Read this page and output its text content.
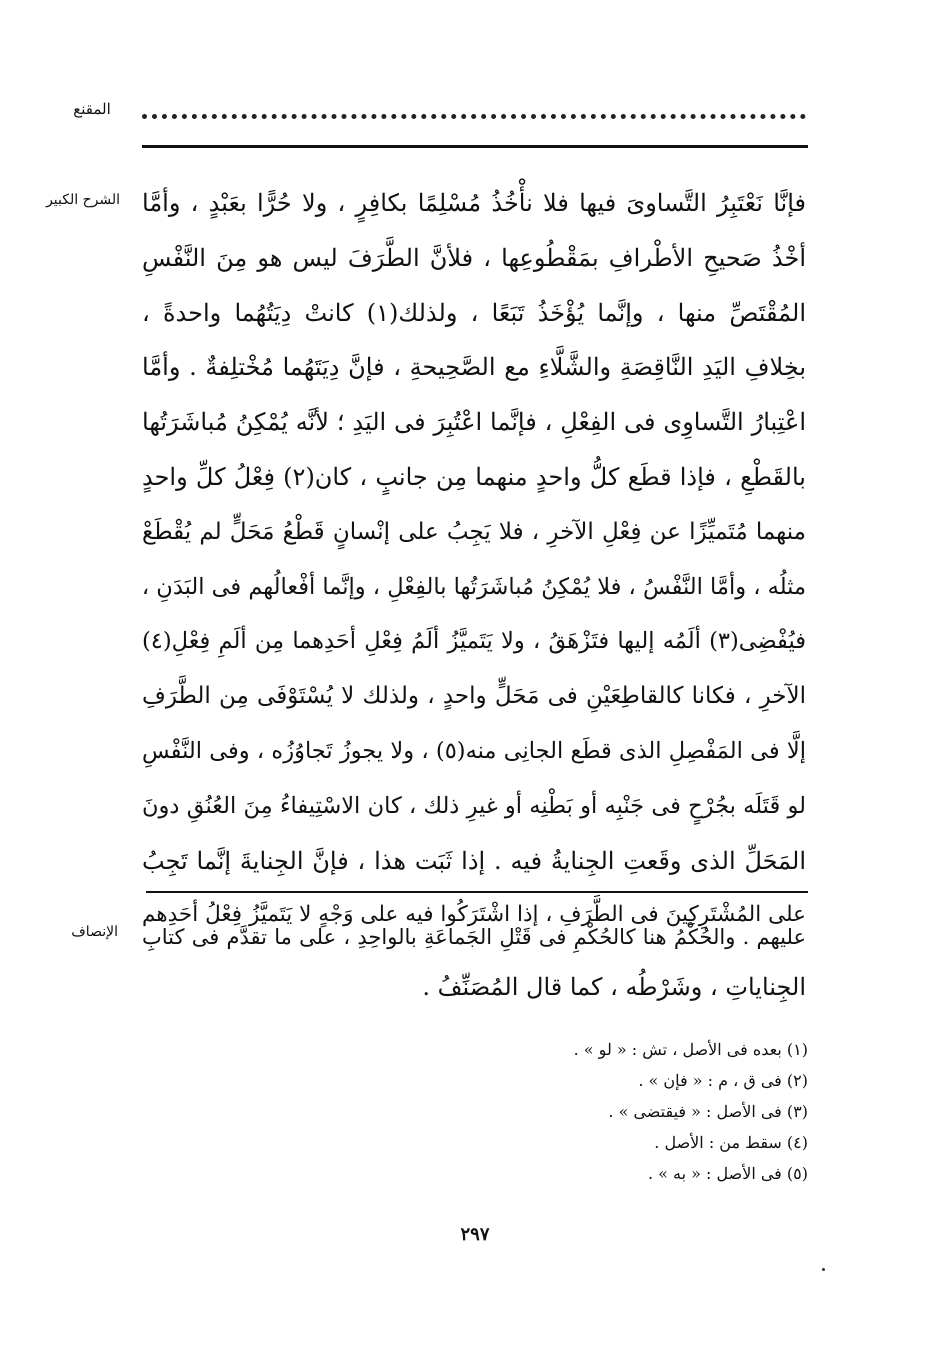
المقنع
الشرح الكبير فإنَّا نَعْتَبِرُ التَّساوىَ فيها فلا نأْخُذُ مُسْلِمًا بكافِرٍ ، ولا حُرًّا بعَبْدٍ ، وأمَّا
أخْذُ صَحيحِ الأطْرافِ بمَقْطُوعِها ، فلأنَّ الطَّرَفَ ليس هو مِنَ النَّفْسِ
المُقْتَصِّ منها ، وإنَّما يُؤْخَذُ تَبَعًا ، ولذلك(١) كانتْ دِيَتُهُما واحدةً ،
بخِلافِ اليَدِ النَّاقِصَةِ والشَّلَّاءِ مع الصَّحِيحةِ ، فإنَّ دِيَتَهُما مُخْتلِفةٌ . وأمَّا
اعْتِبارُ التَّساوِى فى الفِعْلِ ، فإنَّما اعْتُبِرَ فى اليَدِ ؛ لأنَّه يُمْكِنُ مُباشَرَتُها
بالقَطْعِ ، فإذا قطَع كلُّ واحدٍ منهما مِن جانبٍ ، كان(٢) فِعْلُ كلِّ واحدٍ
منهما مُتَميِّزًا عن فِعْلِ الآخرِ ، فلا يَجِبُ على إنْسانٍ قَطْعُ مَحَلٍّ لم يُقْطَعْ
مثلُه ، وأمَّا النَّفْسُ ، فلا يُمْكِنُ مُباشَرَتُها بالفِعْلِ ، وإنَّما أفْعالُهم فى البَدَنِ ،
فيُفْضِى(٣) ألَمُه إليها فتَزْهَقُ ، ولا يَتَميَّزُ ألَمُ فِعْلِ أحَدِهما مِن ألَمِ فِعْلِ(٤)
الآخرِ ، فكانا كالقاطِعَيْنِ فى مَحَلٍّ واحدٍ ، ولذلك لا يُسْتَوْفَى مِن الطَّرَفِ
إلَّا فى المَفْصِلِ الذى قطَع الجانِى منه(٥) ، ولا يجوزُ تَجاوُزُه ، وفى النَّفْسِ
لو قَتَلَه بجُرْحٍ فى جَنْبِه أو بَطْنِه أو غيرِ ذلك ، كان الاسْتِيفاءُ مِنَ العُنُقِ دونَ
المَحَلِّ الذى وقَعتِ الجِنايةُ فيه . إذا ثَبَت هذا ، فإنَّ الجِنايةَ إنَّما تَجِبُ
على المُشْتَرِكِينَ فى الطَّرَفِ ، إذا اشْتَرَكُوا فيه على وَجْهٍ لا يَتَميَّزُ فِعْلُ أحَدِهم
الإنصاف عليهم . والحُكْمُ هنا كالحُكْمِ فى قَتْلِ الجَماعَةِ بالواحِدِ ، على ما تقدَّم فى كتابِ
الجِناياتِ ، وشَرْطُه ، كما قال المُصَنِّفُ .
(١) بعده فى الأصل ، تش : « لو » .
(٢) فى ق ، م : « فإن » .
(٣) فى الأصل : « فيقتضى » .
(٤) سقط من : الأصل .
(٥) فى الأصل : « به » .
٢٩٧
